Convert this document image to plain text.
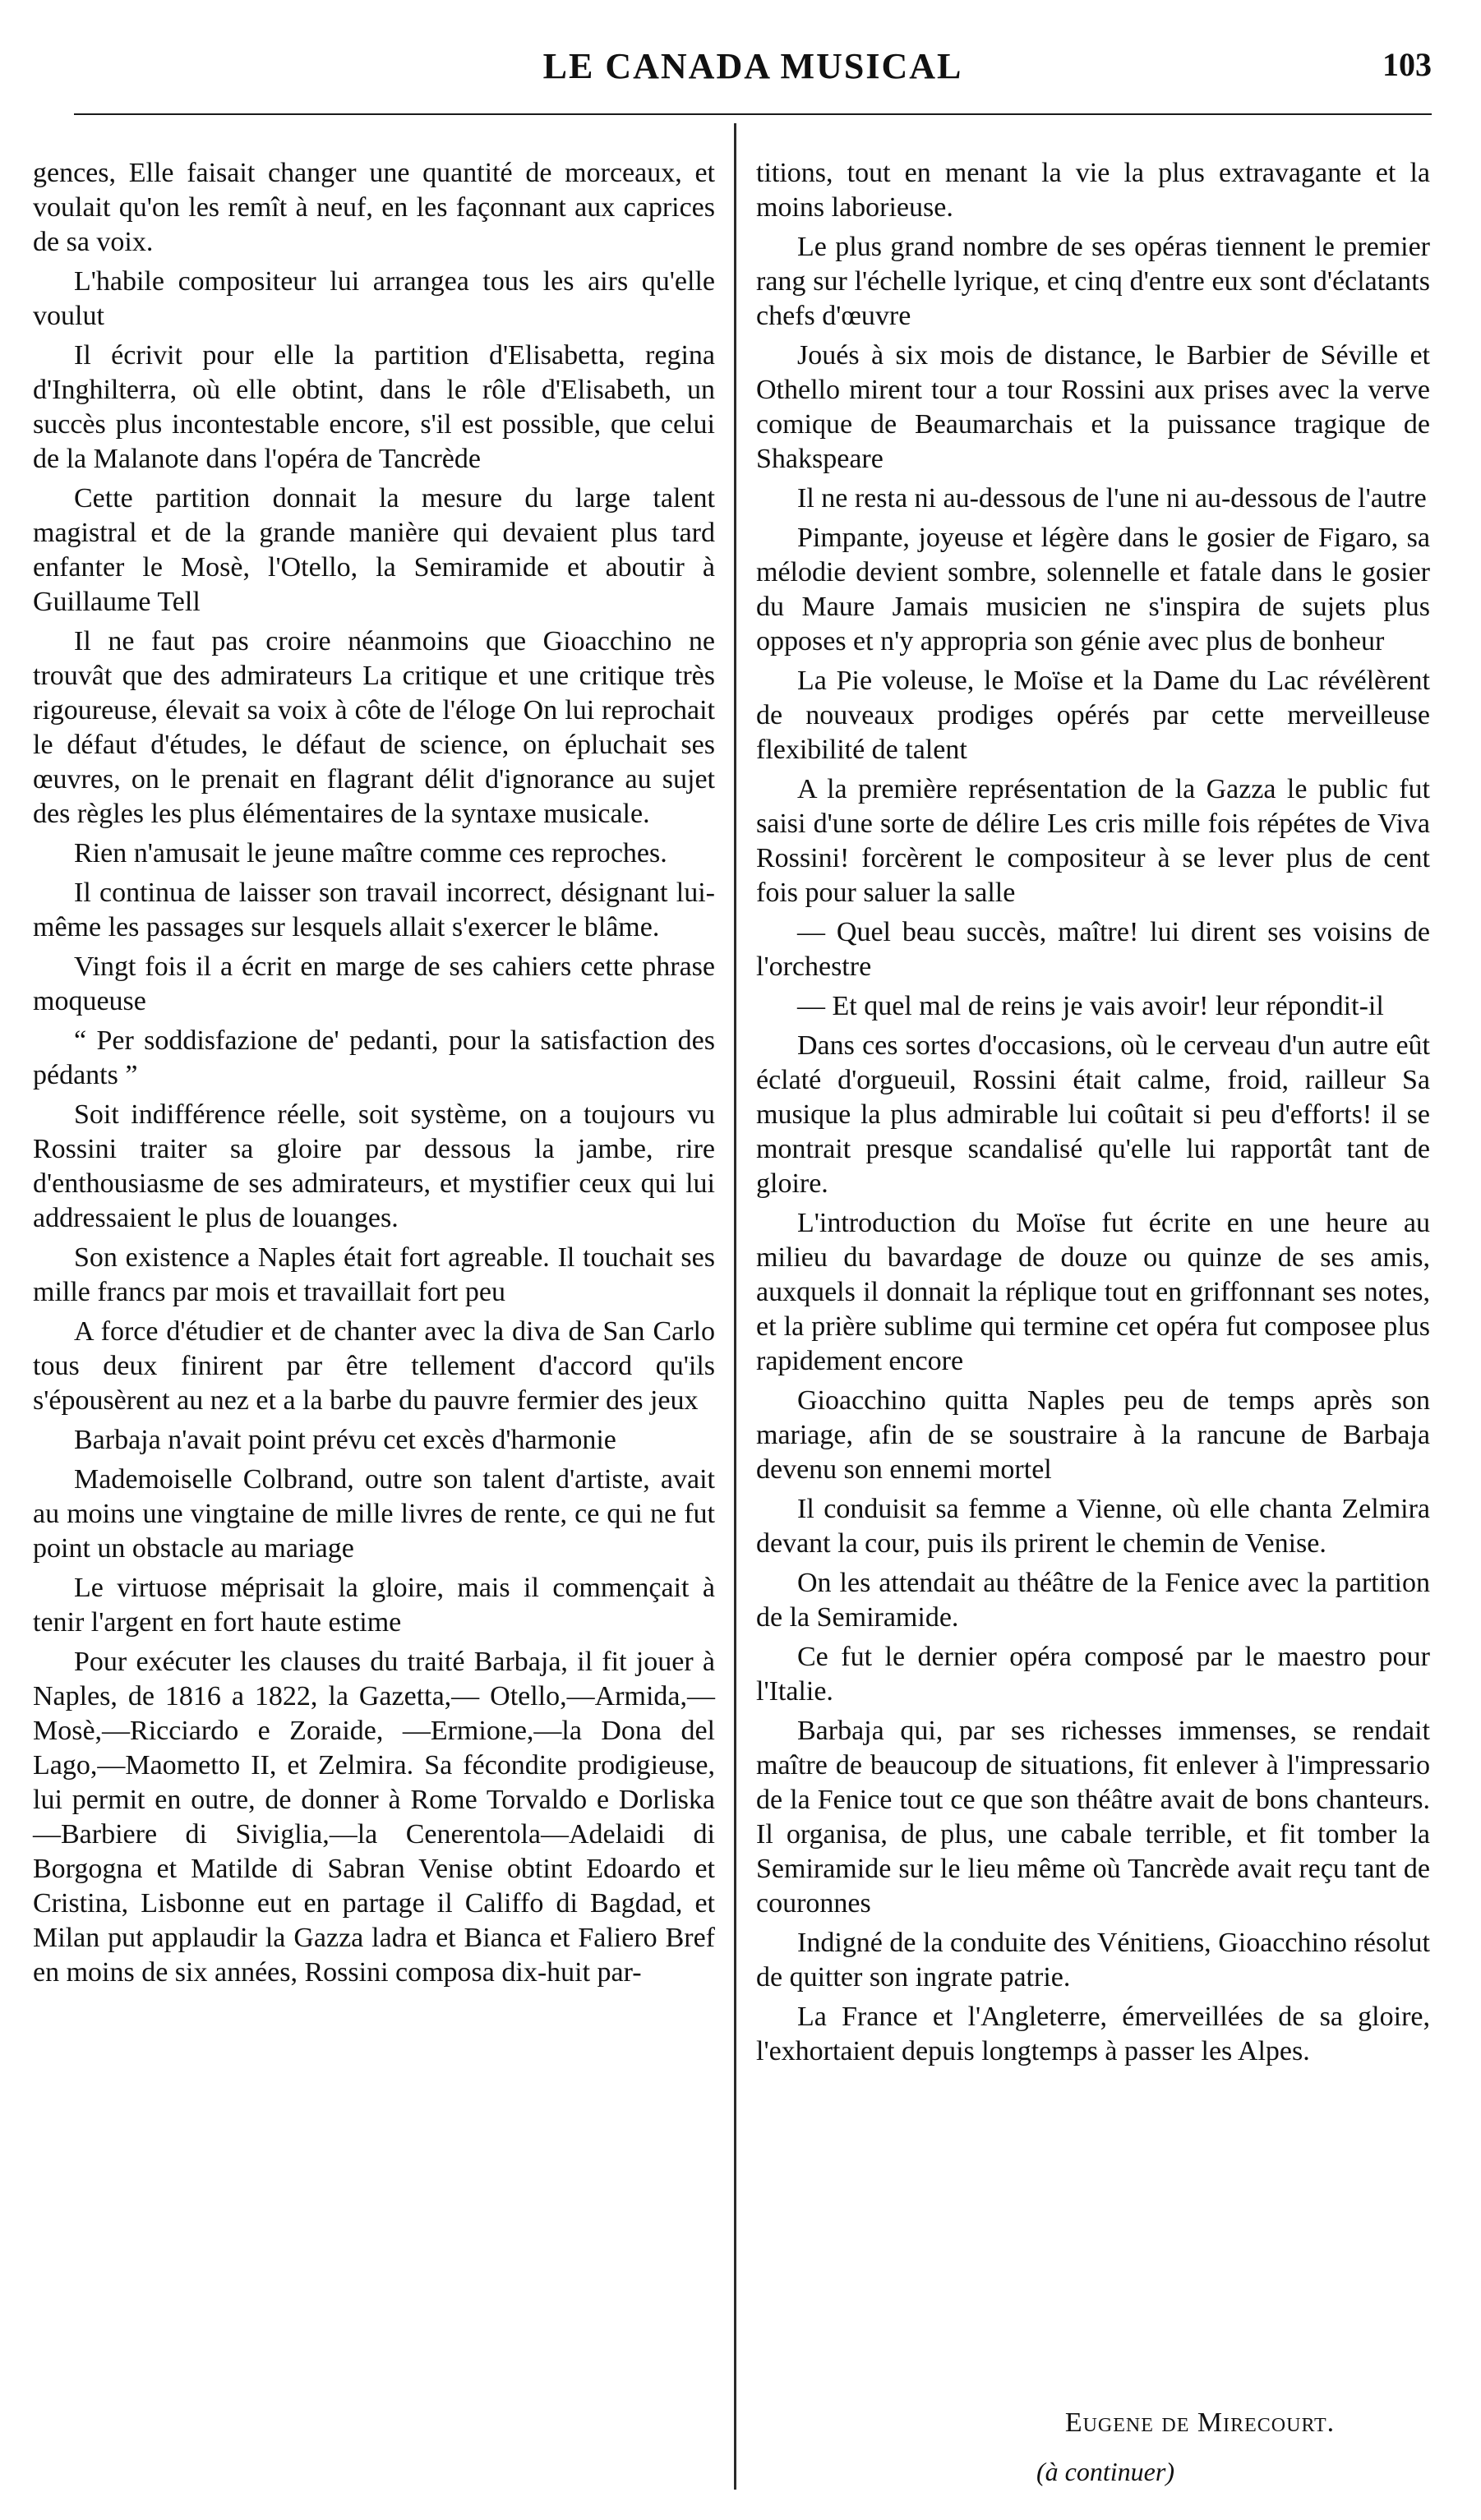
LE CANADA MUSICAL	103

gences, Elle faisait changer une quantité de morceaux, et voulait qu'on les remît à neuf, en les façonnant aux caprices de sa voix.

L'habile compositeur lui arrangea tous les airs qu'elle voulut

Il écrivit pour elle la partition d'Elisabetta, regina d'Inghilterra, où elle obtint, dans le rôle d'Elisabeth, un succès plus incontestable encore, s'il est possible, que celui de la Malanote dans l'opéra de Tancrède

Cette partition donnait la mesure du large talent magistral et de la grande manière qui devaient plus tard enfanter le Mosè, l'Otello, la Semiramide et aboutir à Guillaume Tell

Il ne faut pas croire néanmoins que Gioacchino ne trouvât que des admirateurs La critique et une critique très rigoureuse, élevait sa voix à côte de l'éloge On lui reprochait le défaut d'études, le défaut de science, on épluchait ses œuvres, on le prenait en flagrant délit d'ignorance au sujet des règles les plus élémentaires de la syntaxe musicale.

Rien n'amusait le jeune maître comme ces reproches.

Il continua de laisser son travail incorrect, désignant lui-même les passages sur lesquels allait s'exercer le blâme.

Vingt fois il a écrit en marge de ses cahiers cette phrase moqueuse

“ Per soddisfazione de' pedanti, pour la satisfaction des pédants ”

Soit indifférence réelle, soit système, on a toujours vu Rossini traiter sa gloire par dessous la jambe, rire d'enthousiasme de ses admirateurs, et mystifier ceux qui lui addressaient le plus de louanges.

Son existence a Naples était fort agreable. Il touchait ses mille francs par mois et travaillait fort peu

A force d'étudier et de chanter avec la diva de San Carlo tous deux finirent par être tellement d'accord qu'ils s'épousèrent au nez et a la barbe du pauvre fermier des jeux

Barbaja n'avait point prévu cet excès d'harmonie

Mademoiselle Colbrand, outre son talent d'artiste, avait au moins une vingtaine de mille livres de rente, ce qui ne fut point un obstacle au mariage

Le virtuose méprisait la gloire, mais il commençait à tenir l'argent en fort haute estime

Pour exécuter les clauses du traité Barbaja, il fit jouer à Naples, de 1816 a 1822, la Gazetta,— Otello,—Armida,—Mosè,—Ricciardo e Zoraide, —Ermione,—la Dona del Lago,—Maometto II, et Zelmira. Sa fécondite prodigieuse, lui permit en outre, de donner à Rome Torvaldo e Dorliska —Barbiere di Siviglia,—la Cenerentola—Adelaidi di Borgogna et Matilde di Sabran Venise obtint Edoardo et Cristina, Lisbonne eut en partage il Califfo di Bagdad, et Milan put applaudir la Gazza ladra et Bianca et Faliero Bref en moins de six années, Rossini composa dix-huit par-

titions, tout en menant la vie la plus extravagante et la moins laborieuse.

Le plus grand nombre de ses opéras tiennent le premier rang sur l'échelle lyrique, et cinq d'entre eux sont d'éclatants chefs d'œuvre

Joués à six mois de distance, le Barbier de Séville et Othello mirent tour a tour Rossini aux prises avec la verve comique de Beaumarchais et la puissance tragique de Shakspeare

Il ne resta ni au-dessous de l'une ni au-dessous de l'autre

Pimpante, joyeuse et légère dans le gosier de Figaro, sa mélodie devient sombre, solennelle et fatale dans le gosier du Maure Jamais musicien ne s'inspira de sujets plus opposes et n'y appropria son génie avec plus de bonheur

La Pie voleuse, le Moïse et la Dame du Lac révélèrent de nouveaux prodiges opérés par cette merveilleuse flexibilité de talent

A la première représentation de la Gazza le public fut saisi d'une sorte de délire Les cris mille fois répétes de Viva Rossini! forcèrent le compositeur à se lever plus de cent fois pour saluer la salle

— Quel beau succès, maître! lui dirent ses voisins de l'orchestre

— Et quel mal de reins je vais avoir! leur répondit-il

Dans ces sortes d'occasions, où le cerveau d'un autre eût éclaté d'orgueuil, Rossini était calme, froid, railleur Sa musique la plus admirable lui coûtait si peu d'efforts! il se montrait presque scandalisé qu'elle lui rapportât tant de gloire.

L'introduction du Moïse fut écrite en une heure au milieu du bavardage de douze ou quinze de ses amis, auxquels il donnait la réplique tout en griffonnant ses notes, et la prière sublime qui termine cet opéra fut composee plus rapidement encore

Gioacchino quitta Naples peu de temps après son mariage, afin de se soustraire à la rancune de Barbaja devenu son ennemi mortel

Il conduisit sa femme a Vienne, où elle chanta Zelmira devant la cour, puis ils prirent le chemin de Venise.

On les attendait au théâtre de la Fenice avec la partition de la Semiramide.

Ce fut le dernier opéra composé par le maestro pour l'Italie.

Barbaja qui, par ses richesses immenses, se rendait maître de beaucoup de situations, fit enlever à l'impressario de la Fenice tout ce que son théâtre avait de bons chanteurs. Il organisa, de plus, une cabale terrible, et fit tomber la Semiramide sur le lieu même où Tancrède avait reçu tant de couronnes

Indigné de la conduite des Vénitiens, Gioacchino résolut de quitter son ingrate patrie.

La France et l'Angleterre, émerveillées de sa gloire, l'exhortaient depuis longtemps à passer les Alpes.

Eugene de Mirecourt.
(à continuer)
